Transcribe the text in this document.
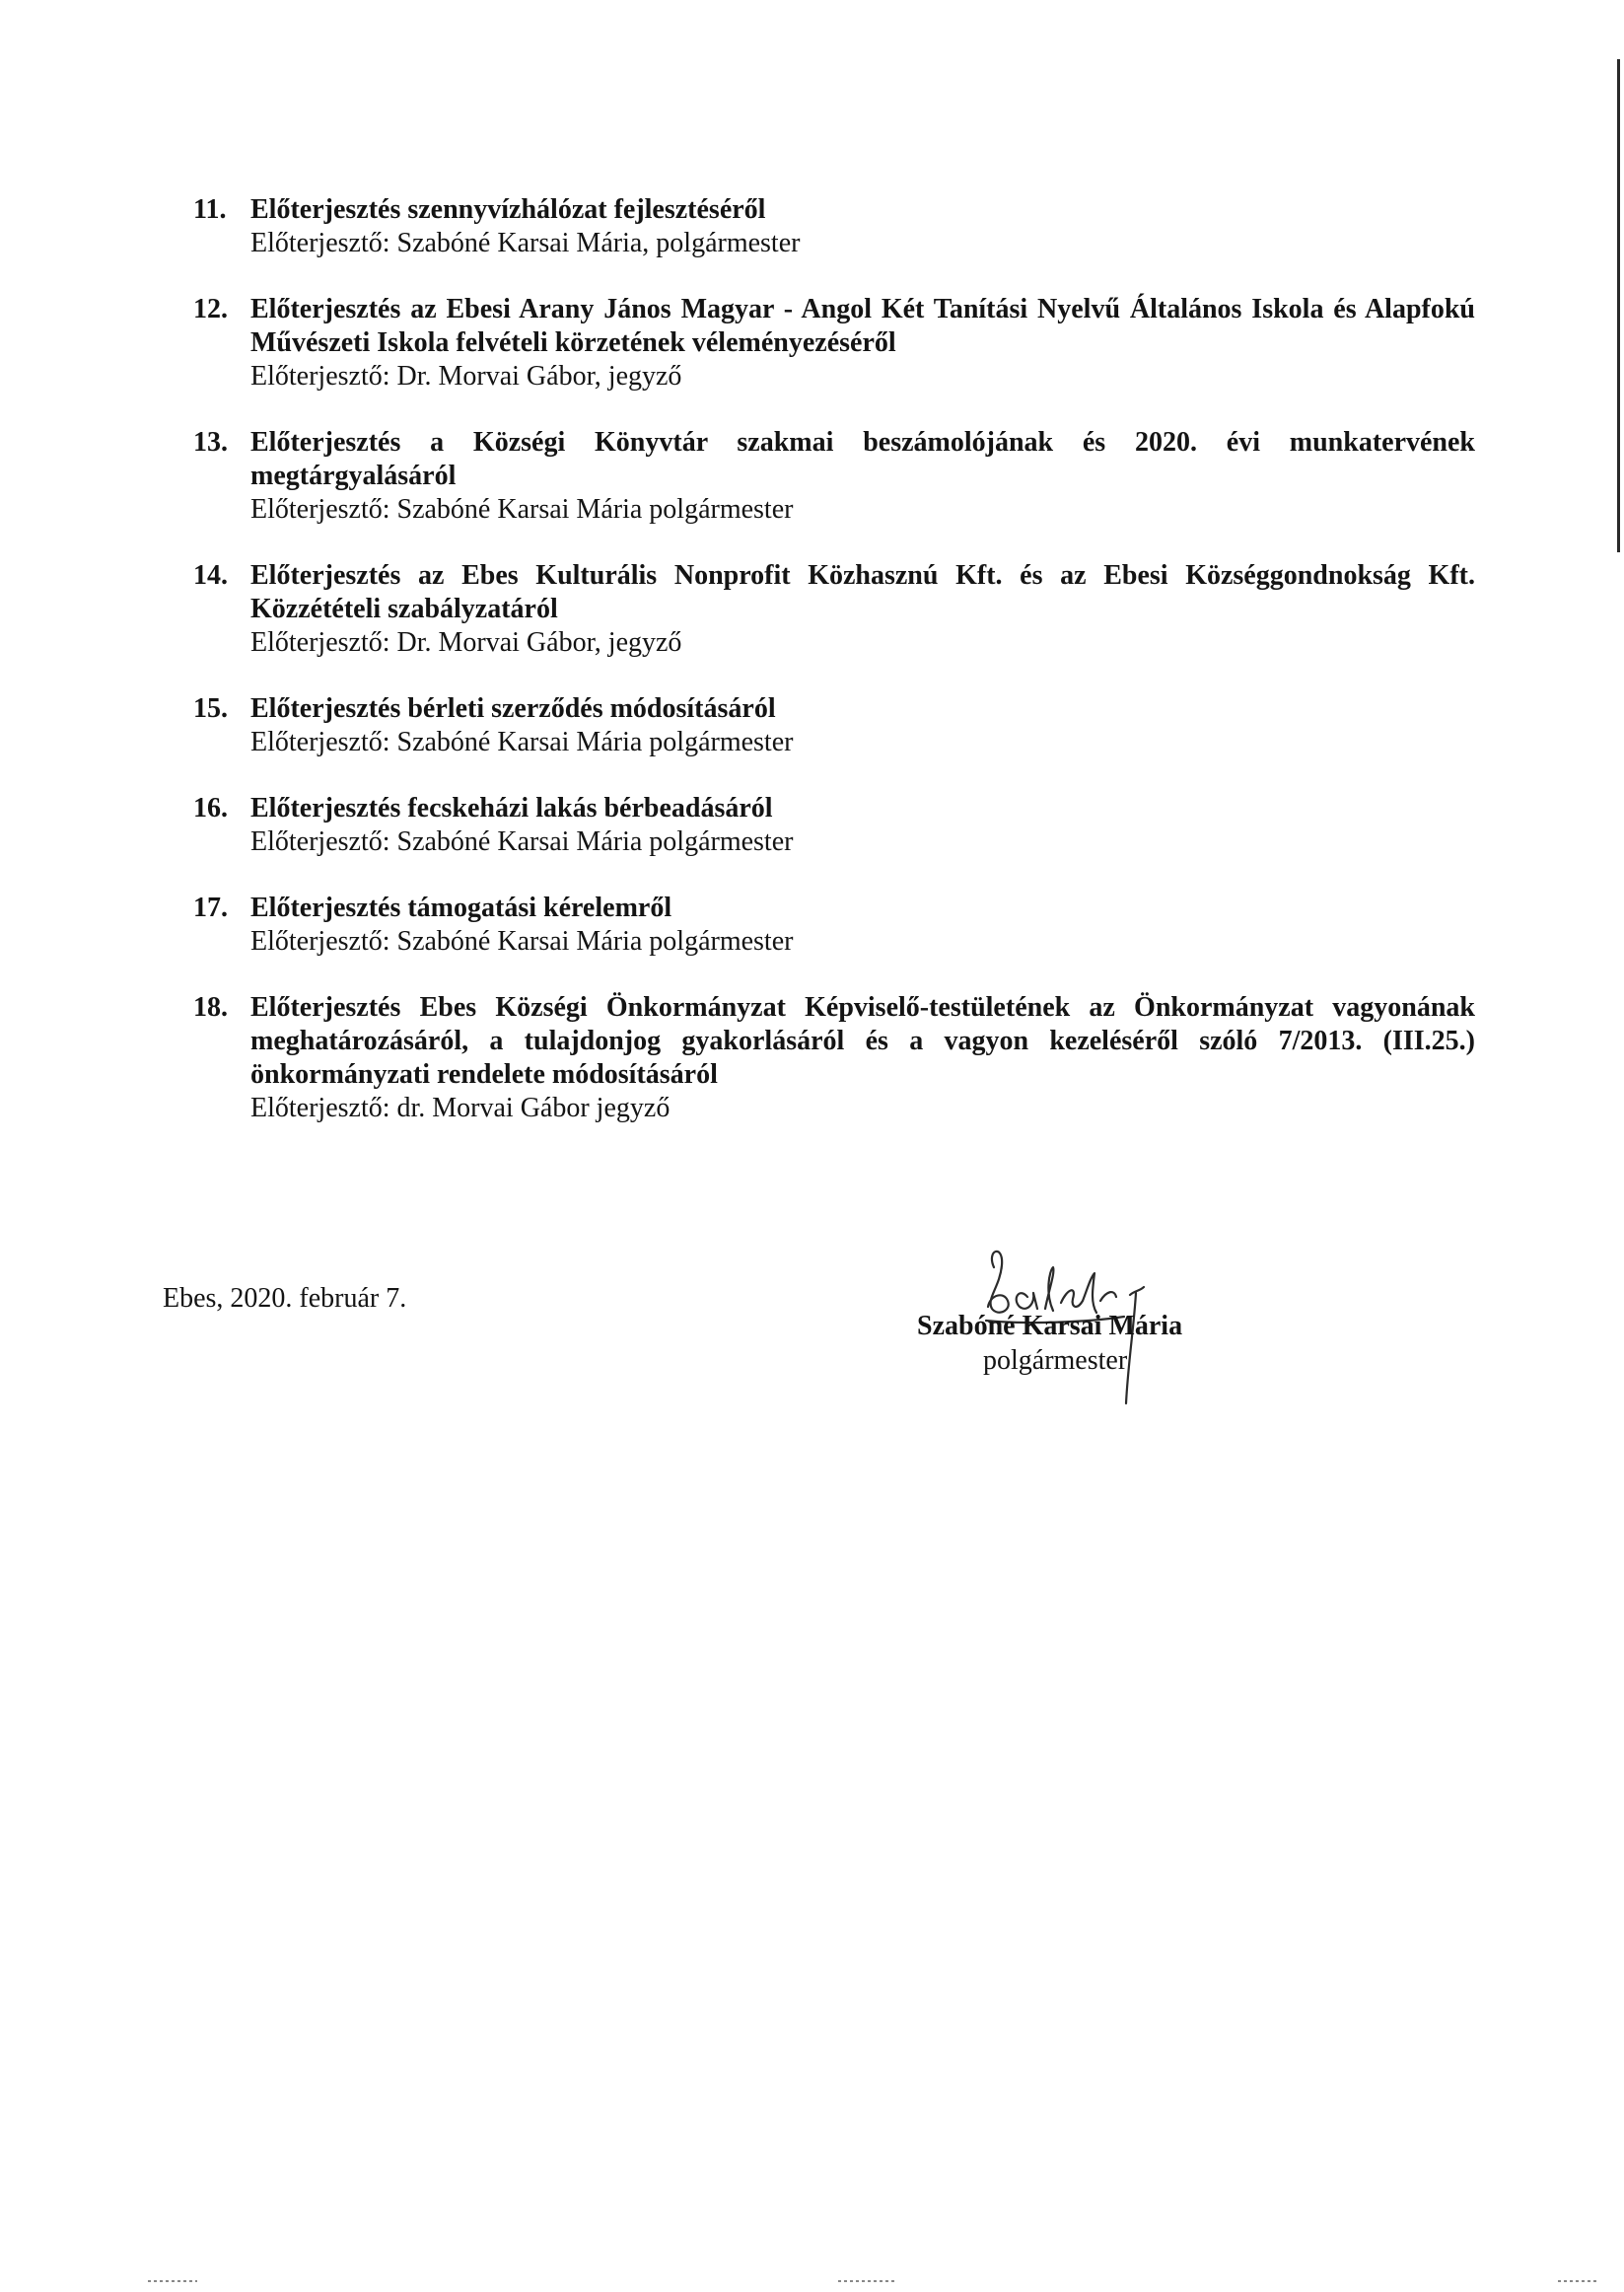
11. Előterjesztés szennyvízhálózat fejlesztéséről

Előterjesztő: Szabóné Karsai Mária, polgármester

12. Előterjesztés az Ebesi Arany János Magyar - Angol Két Tanítási Nyelvű Általános Iskola és Alapfokú Művészeti Iskola felvételi körzetének véleményezéséről

Előterjesztő: Dr. Morvai Gábor, jegyző

13. Előterjesztés a Községi Könyvtár szakmai beszámolójának és 2020. évi munkatervének megtárgyalásáról

Előterjesztő: Szabóné Karsai Mária polgármester

14. Előterjesztés az Ebes Kulturális Nonprofit Közhasznú Kft. és az Ebesi Községgondnokság Kft. Közzétételi szabályzatáról

Előterjesztő: Dr. Morvai Gábor, jegyző

15. Előterjesztés bérleti szerződés módosításáról

Előterjesztő: Szabóné Karsai Mária polgármester

16. Előterjesztés fecskeházi lakás bérbeadásáról

Előterjesztő: Szabóné Karsai Mária polgármester

17. Előterjesztés támogatási kérelemről

Előterjesztő: Szabóné Karsai Mária polgármester

18. Előterjesztés Ebes Községi Önkormányzat Képviselő-testületének az Önkormányzat vagyonának meghatározásáról, a tulajdonjog gyakorlásáról és a vagyon kezeléséről szóló 7/2013. (III.25.) önkormányzati rendelete módosításáról

Előterjesztő: dr. Morvai Gábor jegyző

Ebes, 2020. február 7.
Szabóné Karsai Mária
polgármester
